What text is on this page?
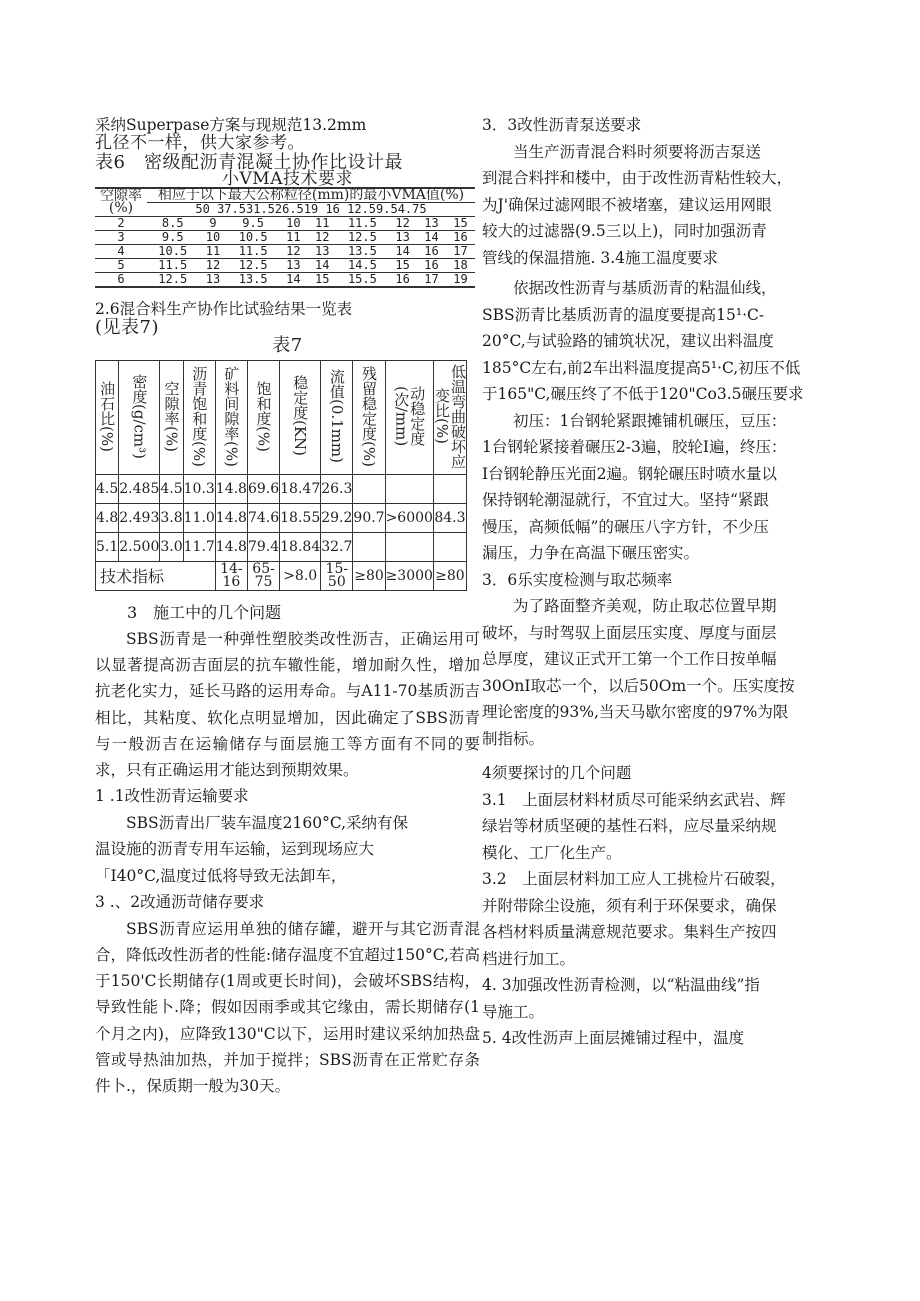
采纳Superpase方案与现规范13.2mm
孔径不一样，供大家参考。
表6　密级配沥青混凝土协作比设计最
小VMA技术要求
空隙率(%)	相应于以下最大公称粒径(mm)的最小VMA值(%)								
	50 37.531.526.519 16 12.59.54.75								
2	8.5	9	9.5	10	11	11.5	12	13	15
3	9.5	10	10.5	11	12	12.5	13	14	16
4	10.5	11	11.5	12	13	13.5	14	16	17
5	11.5	12	12.5	13	14	14.5	15	16	18
6	12.5	13	13.5	14	15	15.5	16	17	19
2.6混合料生产协作比试验结果一览表
(见表7)
表7
油石比(%)	密度(g/cm³)	空隙率(%)	沥青饱和度(%)	矿料间隙率(%)	饱和度(%)	稳定度(KN)	流值(0.1mm)	残留稳定度(%)	动稳定度(次/mm)	低温弯曲破坏应变比(%)
4.5	2.485	4.5	10.3	14.8	69.6	18.47	26.3			
4.8	2.493	3.8	11.0	14.8	74.6	18.55	29.2	90.7	>6000	84.3
5.1	2.500	3.0	11.7	14.8	79.4	18.84	32.7			
技术指标				14-16	65-75	>8.0	15-50	≥80	≥3000	≥80
3　施工中的几个问题

SBS沥青是一种弹性塑胶类改性沥吉，正确运用可以显著提高沥吉面层的抗车辙性能，增加耐久性，增加抗老化实力，延长马路的运用寿命。与A11-70基质沥吉相比，其粘度、软化点明显增加，因此确定了SBS沥青与一般沥吉在运输储存与面层施工等方面有不同的要求，只有正确运用才能达到预期效果。

1 .1改性沥青运输要求
SBS沥青出厂装车温度2160°C,采纳有保
温设施的沥青专用车运输，运到现场应大
「I40°C,温度过低将导致无法卸车，
3 .、2改通沥苛储存要求

SBS沥青应运用单独的储存罐，避开与其它沥青混合，降低改性沥者的性能:储存温度不宜超过150°C,若高于150'C长期储存(1周或更长时间)，会破坏SBS结构，导致性能卜.降；假如因雨季或其它缘由，需长期储存(1个月之内)，应降致130"C以下，运用时建议采纳加热盘管或导热油加热，并加于搅拌；SBS沥青在正常贮存条件卜.，保质期一般为30天。

3．3改性沥青泵送要求
当生产沥青混合料时须要将沥吉泵送
到混合料拌和楼中，由于改性沥青粘性较大，
为J'确保过滤网眼不被堵塞，建议运用网眼
较大的过滤器(9.5三以上)，同时加强沥青
管线的保温措施. 3.4施工温度要求
依据改性沥青与基质沥青的粘温仙线，
SBS沥青比基质沥青的温度要提高15¹·C-
20°C,与试验路的铺筑状况，建议出料温度
185°C左右,前2车出料温度提高5¹·C,初压不低
于165"C,碾压终了不低于120"Co3.5碾压要求
初压：1台钢轮紧跟摊铺机碾压，豆压：
1台钢轮紧接着碾压2-3遍，胶轮I遍，终压：
I台钢轮静压光面2遍。钢轮碾压时喷水量以
保持钢轮潮湿就行，不宜过大。坚持“紧跟
慢压，高频低幅”的碾压八字方针，不少压
漏压，力争在高温下碾压密实。
3．6乐实度检测与取芯频率
为了路面整齐美观，防止取芯位置早期
破坏，与时驾驭上面层压实度、厚度与面层
总厚度，建议正式开工第一个工作日按单幅
30OnI取芯一个，以后50Om一个。压实度按
理论密度的93%,当天马歇尔密度的97%为限
制指标。
4须要探讨的几个问题
3.1　上面层材料材质尽可能采纳玄武岩、辉
绿岩等材质坚硬的基性石料，应尽量采纳规
模化、工厂化生产。
3.2　上面层材料加工应人工挑检片石破裂，
并附带除尘设施，须有利于环保要求，确保
各档材料质量满意规范要求。集料生产按四
档进行加工。
4. 3加强改性沥青检测，以“粘温曲线”指
导施工。
5. 4改性沥声上面层摊铺过程中，温度
